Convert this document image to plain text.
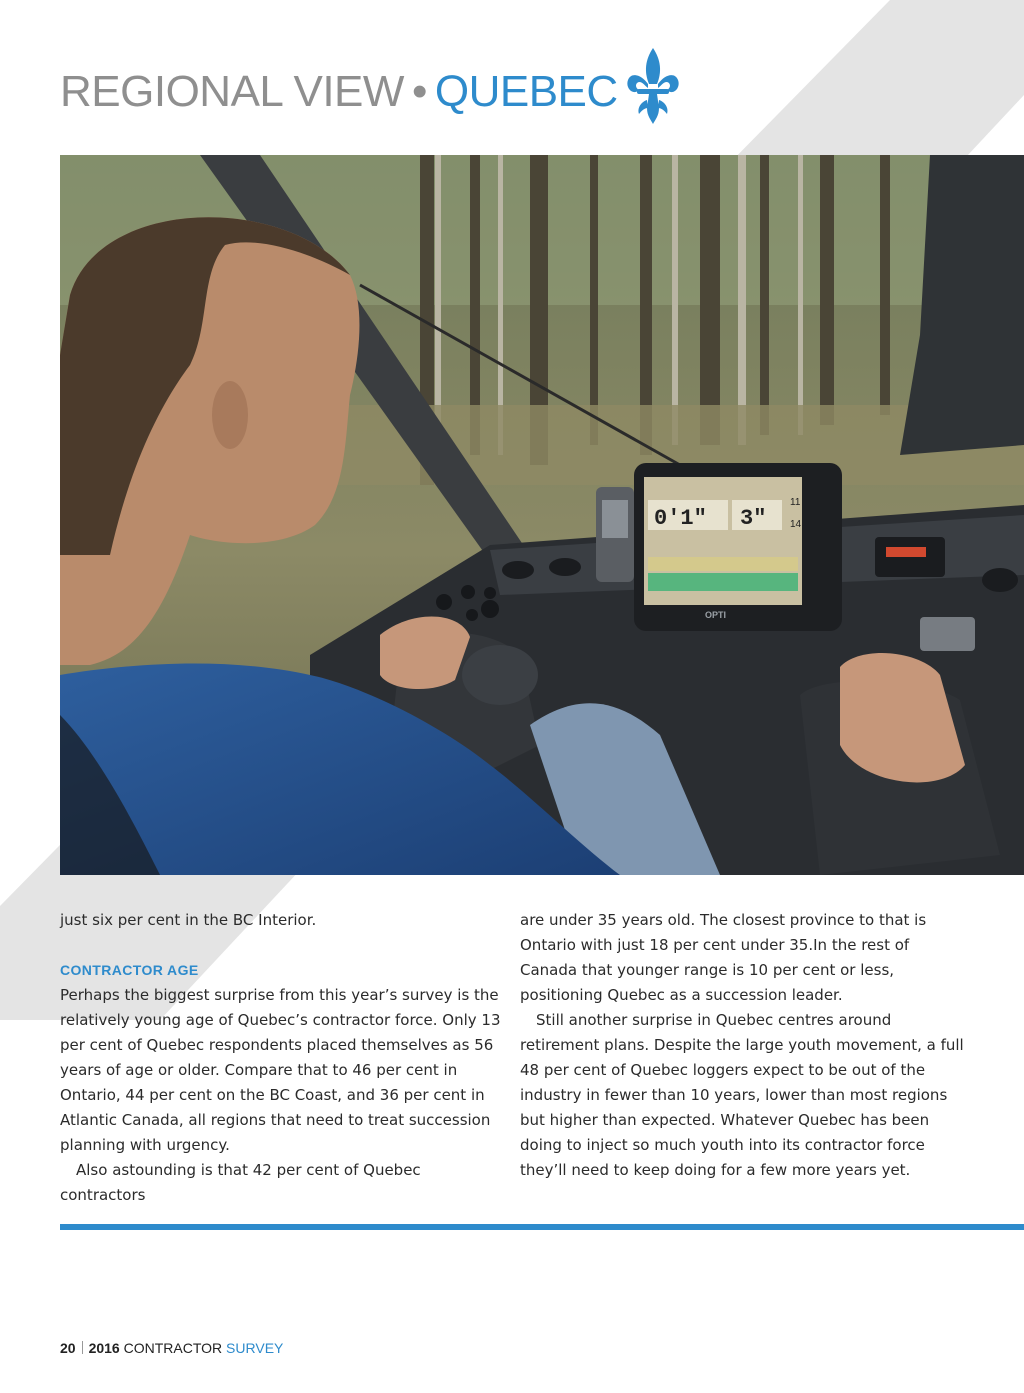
REGIONAL VIEW • QUEBEC
0'1" 3"
11
14
OPTI

just six per cent in the BC Interior.

CONTRACTOR AGE

Perhaps the biggest surprise from this year’s survey is the relatively young age of Quebec’s contractor force. Only 13 per cent of Quebec respondents placed themselves as 56 years of age or older. Compare that to 46 per cent in Ontario, 44 per cent on the BC Coast, and 36 per cent in Atlantic Canada, all regions that need to treat succession planning with urgency.

Also astounding is that 42 per cent of Quebec contractors

are under 35 years old. The closest province to that is Ontario with just 18 per cent under 35.In the rest of Canada that younger range is 10 per cent or less, positioning Quebec as a succession leader.

Still another surprise in Quebec centres around retirement plans. Despite the large youth movement, a full 48 per cent of Quebec loggers expect to be out of the industry in fewer than 10 years, lower than most regions but higher than expected. Whatever Quebec has been doing to inject so much youth into its contractor force they’ll need to keep doing for a few more years yet.

20 2016 CONTRACTOR SURVEY
